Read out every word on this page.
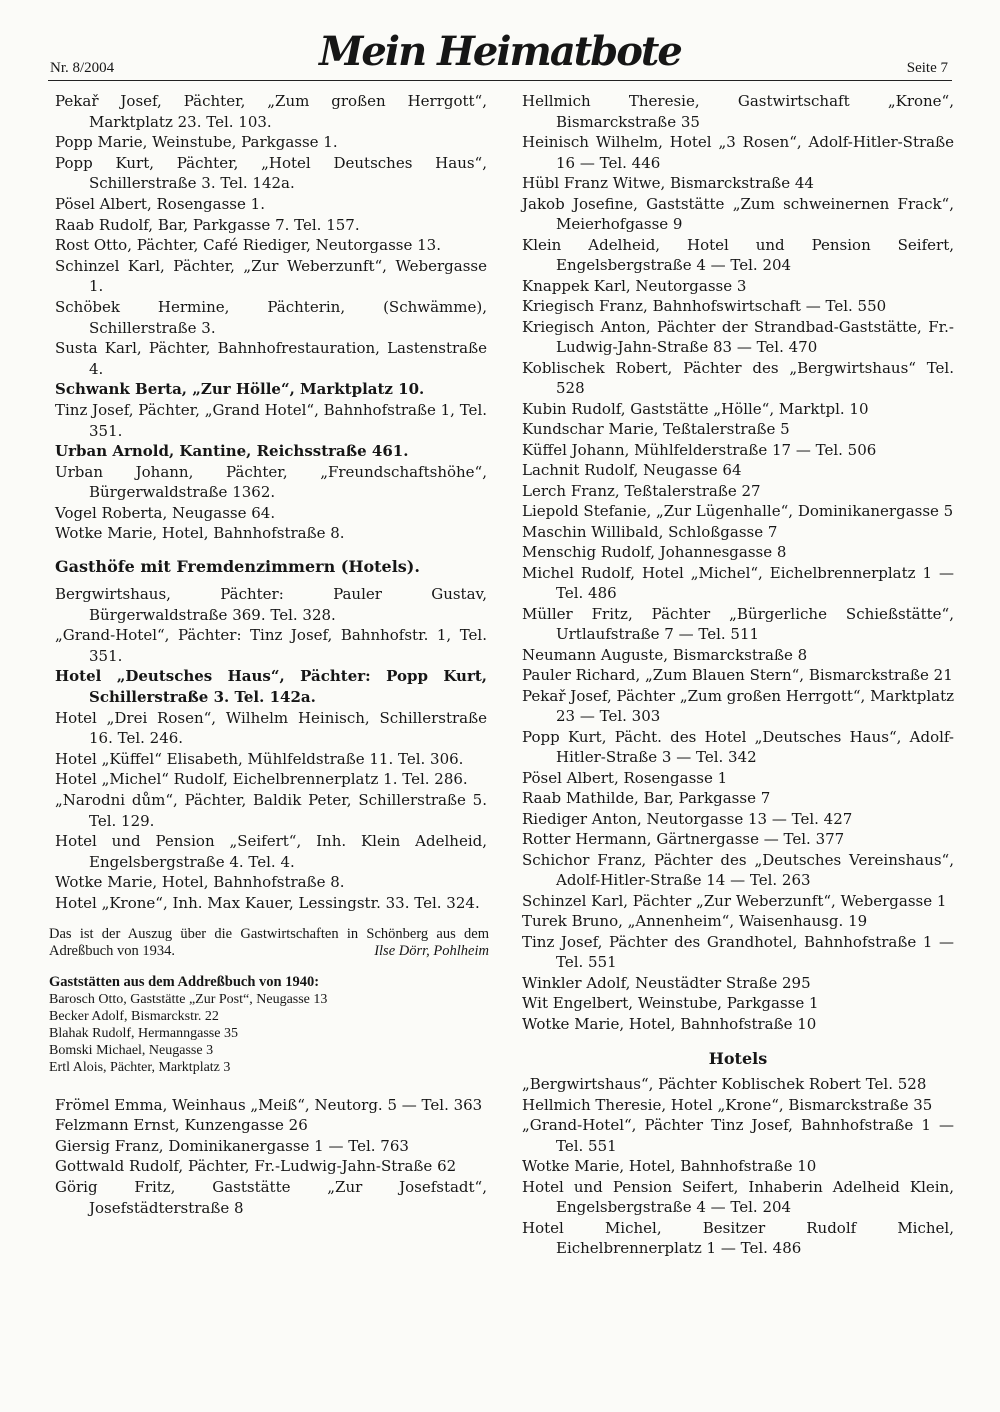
Nr. 8/2004	Mein Heimatbote	Seite 7

Pekař Josef, Pächter, „Zum großen Herrgott“, Marktplatz 23. Tel. 103.

Popp Marie, Weinstube, Parkgasse 1.

Popp Kurt, Pächter, „Hotel Deutsches Haus“, Schillerstraße 3. Tel. 142a.

Pösel Albert, Rosengasse 1.

Raab Rudolf, Bar, Parkgasse 7. Tel. 157.

Rost Otto, Pächter, Café Riediger, Neutorgasse 13.

Schinzel Karl, Pächter, „Zur Weberzunft“, Webergasse 1.

Schöbek Hermine, Pächterin, (Schwämme), Schillerstraße 3.

Susta Karl, Pächter, Bahnhofrestauration, Lastenstraße 4.

Schwank Berta, „Zur Hölle“, Marktplatz 10.

Tinz Josef, Pächter, „Grand Hotel“, Bahnhofstraße 1, Tel. 351.

Urban Arnold, Kantine, Reichsstraße 461.

Urban Johann, Pächter, „Freundschaftshöhe“, Bürgerwaldstraße 1362.

Vogel Roberta, Neugasse 64.

Wotke Marie, Hotel, Bahnhofstraße 8.

Gasthöfe mit Fremdenzimmern (Hotels).

Bergwirtshaus, Pächter: Pauler Gustav, Bürgerwaldstraße 369. Tel. 328.

„Grand-Hotel“, Pächter: Tinz Josef, Bahnhofstr. 1, Tel. 351.

Hotel „Deutsches Haus“, Pächter: Popp Kurt, Schillerstraße 3. Tel. 142a.

Hotel „Drei Rosen“, Wilhelm Heinisch, Schillerstraße 16. Tel. 246.

Hotel „Küffel“ Elisabeth, Mühlfeldstraße 11. Tel. 306.

Hotel „Michel“ Rudolf, Eichelbrennerplatz 1. Tel. 286.

„Narodni dům“, Pächter, Baldik Peter, Schillerstraße 5. Tel. 129.

Hotel und Pension „Seifert“, Inh. Klein Adelheid, Engelsbergstraße 4. Tel. 4.

Wotke Marie, Hotel, Bahnhofstraße 8.

Hotel „Krone“, Inh. Max Kauer, Lessingstr. 33. Tel. 324.

Das ist der Auszug über die Gastwirtschaften in Schönberg aus dem Adreßbuch von 1934.	Ilse Dörr, Pohlheim
Gaststätten aus dem Addreßbuch von 1940:
Barosch Otto, Gaststätte „Zur Post“, Neugasse 13
Becker Adolf, Bismarckstr. 22
Blahak Rudolf, Hermanngasse 35
Bomski Michael, Neugasse 3
Ertl Alois, Pächter, Marktplatz 3

Frömel Emma, Weinhaus „Meiß“, Neutorg. 5 — Tel. 363

Felzmann Ernst, Kunzengasse 26

Giersig Franz, Dominikanergasse 1 — Tel. 763

Gottwald Rudolf, Pächter, Fr.-Ludwig-Jahn-Straße 62

Görig Fritz, Gaststätte „Zur Josefstadt“, Josefstädterstraße 8

Hellmich Theresie, Gastwirtschaft „Krone“, Bismarckstraße 35

Heinisch Wilhelm, Hotel „3 Rosen“, Adolf-Hitler-Straße 16 — Tel. 446

Hübl Franz Witwe, Bismarckstraße 44

Jakob Josefine, Gaststätte „Zum schweinernen Frack“, Meierhofgasse 9

Klein Adelheid, Hotel und Pension Seifert, Engelsbergstraße 4 — Tel. 204

Knappek Karl, Neutorgasse 3

Kriegisch Franz, Bahnhofswirtschaft — Tel. 550

Kriegisch Anton, Pächter der Strandbad-Gaststätte, Fr.-Ludwig-Jahn-Straße 83 — Tel. 470

Koblischek Robert, Pächter des „Bergwirtshaus“ Tel. 528

Kubin Rudolf, Gaststätte „Hölle“, Marktpl. 10

Kundschar Marie, Teßtalerstraße 5

Küffel Johann, Mühlfelderstraße 17 — Tel. 506

Lachnit Rudolf, Neugasse 64

Lerch Franz, Teßtalerstraße 27

Liepold Stefanie, „Zur Lügenhalle“, Dominikanergasse 5

Maschin Willibald, Schloßgasse 7

Menschig Rudolf, Johannesgasse 8

Michel Rudolf, Hotel „Michel“, Eichelbrennerplatz 1 — Tel. 486

Müller Fritz, Pächter „Bürgerliche Schießstätte“, Urtlaufstraße 7 — Tel. 511

Neumann Auguste, Bismarckstraße 8

Pauler Richard, „Zum Blauen Stern“, Bismarckstraße 21

Pekař Josef, Pächter „Zum großen Herrgott“, Marktplatz 23 — Tel. 303

Popp Kurt, Pächt. des Hotel „Deutsches Haus“, Adolf-Hitler-Straße 3 — Tel. 342

Pösel Albert, Rosengasse 1

Raab Mathilde, Bar, Parkgasse 7

Riediger Anton, Neutorgasse 13 — Tel. 427

Rotter Hermann, Gärtnergasse — Tel. 377

Schichor Franz, Pächter des „Deutsches Vereinshaus“, Adolf-Hitler-Straße 14 — Tel. 263

Schinzel Karl, Pächter „Zur Weberzunft“, Webergasse 1

Turek Bruno, „Annenheim“, Waisenhausg. 19

Tinz Josef, Pächter des Grandhotel, Bahnhofstraße 1 — Tel. 551

Winkler Adolf, Neustädter Straße 295

Wit Engelbert, Weinstube, Parkgasse 1

Wotke Marie, Hotel, Bahnhofstraße 10

Hotels

„Bergwirtshaus“, Pächter Koblischek Robert Tel. 528

Hellmich Theresie, Hotel „Krone“, Bismarckstraße 35

„Grand-Hotel“, Pächter Tinz Josef, Bahnhofstraße 1 — Tel. 551

Wotke Marie, Hotel, Bahnhofstraße 10

Hotel und Pension Seifert, Inhaberin Adelheid Klein, Engelsbergstraße 4 — Tel. 204

Hotel Michel, Besitzer Rudolf Michel, Eichelbrennerplatz 1 — Tel. 486
